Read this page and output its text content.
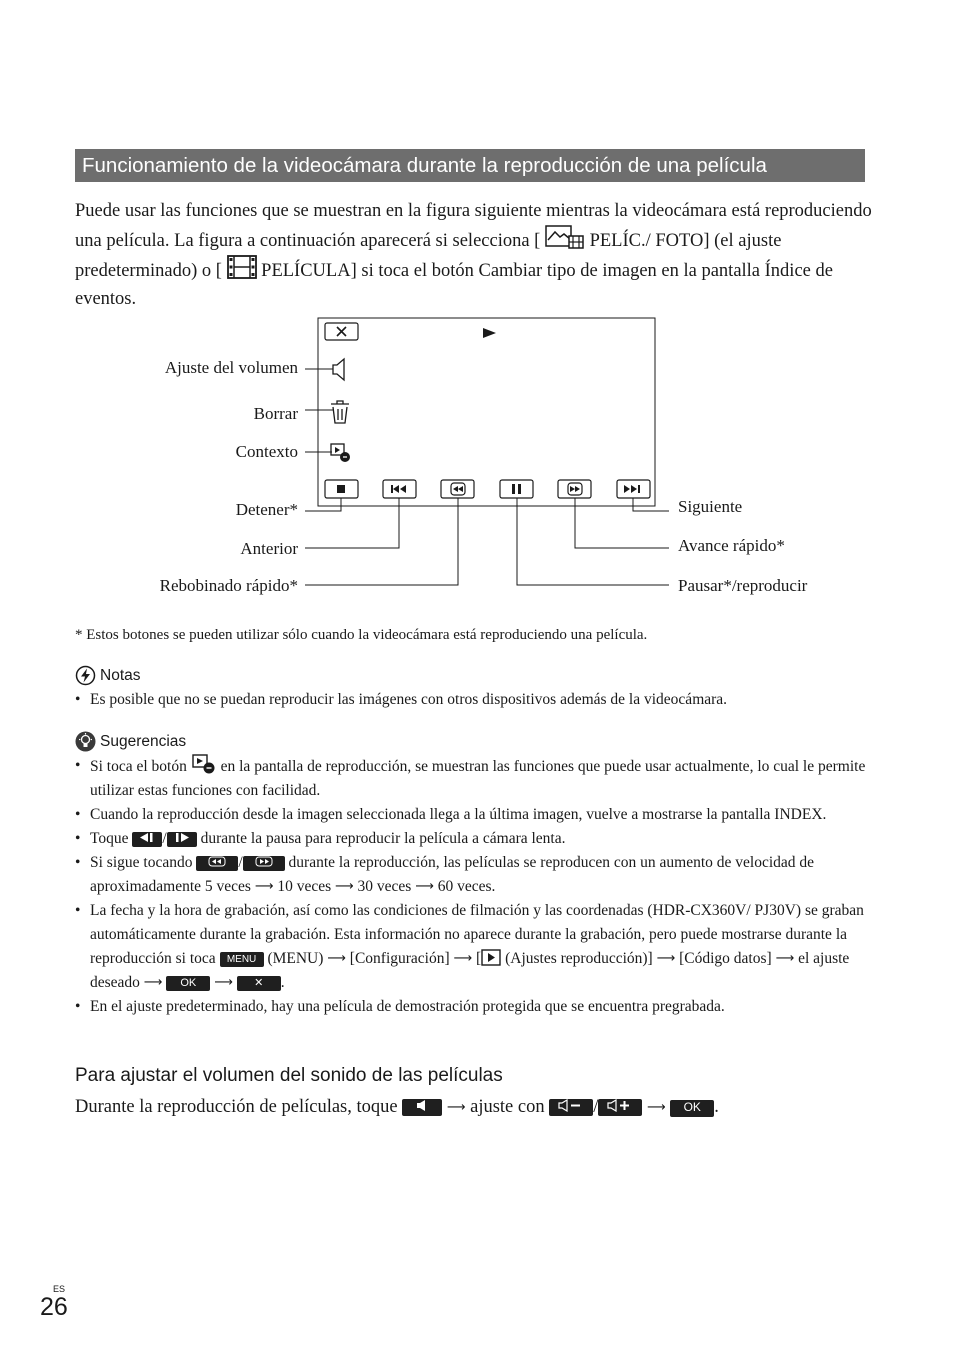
Funcionamiento de la videocámara durante la reproducción de una película
Puede usar las funciones que se muestran en la figura siguiente mientras la videocámara está reproduciendo una película. La figura a continuación aparecerá si selecciona [	PELÍC./ FOTO] (el ajuste predeterminado) o [ PELÍCULA] si toca el botón Cambiar tipo de imagen en la pantalla Índice de eventos.
Ajuste del volumen
Borrar
Contexto
Detener*
Anterior
Rebobinado rápido*
Siguiente
Avance rápido*
Pausar*/reproducir
* Estos botones se pueden utilizar sólo cuando la videocámara está reproduciendo una película.
Notas
• Es posible que no se puedan reproducir las imágenes con otros dispositivos además de la videocámara.
Sugerencias
• Si toca el botón en la pantalla de reproducción, se muestran las funciones que puede usar actualmente, lo cual le permite utilizar estas funciones con facilidad.
• Cuando la reproducción desde la imagen seleccionada llega a la última imagen, vuelve a mostrarse la pantalla INDEX.
• Toque / durante la pausa para reproducir la película a cámara lenta.
• Si sigue tocando	/	durante la reproducción, las películas se reproducen con un aumento de velocidad de aproximadamente 5 veces ⟶ 10 veces ⟶ 30 veces ⟶ 60 veces.
• La fecha y la hora de grabación, así como las condiciones de filmación y las coordenadas (HDR-CX360V/ PJ30V) se graban automáticamente durante la grabación. Esta información no aparece durante la grabación, pero puede mostrarse durante la reproducción si toca MENU (MENU) ⟶ [Configuración] ⟶ [ (Ajustes reproducción)] ⟶ [Código datos] ⟶ el ajuste deseado ⟶ OK ⟶ ✕ .
• En el ajuste predeterminado, hay una película de demostración protegida que se encuentra pregrabada.
Para ajustar el volumen del sonido de las películas
Durante la reproducción de películas, toque	⟶ ajuste con	/	⟶ OK .
ES
26
